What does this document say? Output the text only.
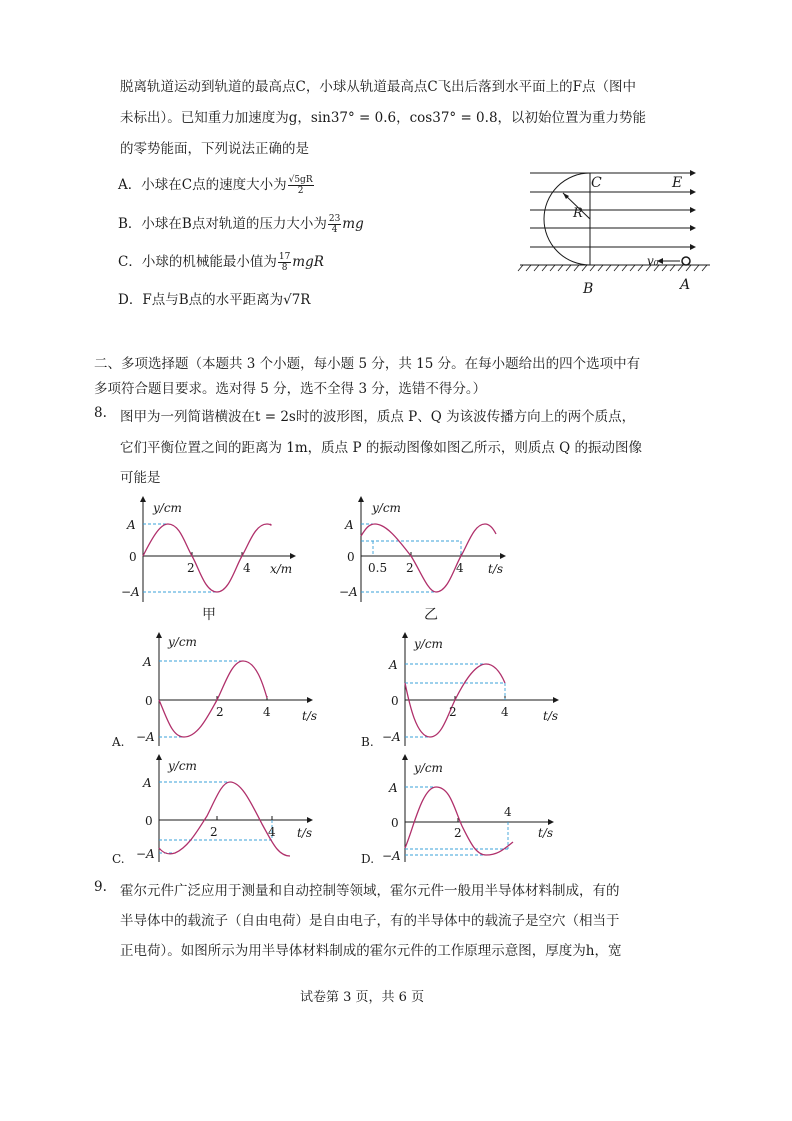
脱离轨道运动到轨道的最高点C，小球从轨道最高点C飞出后落到水平面上的F点（图中
未标出）。已知重力加速度为g，sin37° = 0.6，cos37° = 0.8，以初始位置为重力势能
的零势能面，下列说法正确的是
A．小球在C点的速度大小为 $\frac{√5gR}{2}$
B．小球在B点对轨道的压力大小为 $\frac{23}{4}$ mg
C．小球的机械能最小值为 $\frac{17}{8}$ mgR
D．F点与B点的水平距离为√7R
C	E
R
v₀
B	A
二、多项选择题（本题共 3 个小题，每小题 5 分，共 15 分。在每小题给出的四个选项中有
多项符合题目要求。选对得 5 分，选不全得 3 分，选错不得分。）
8. 图甲为一列简谐横波在t = 2s时的波形图，质点 P、Q 为该波传播方向上的两个质点，
它们平衡位置之间的距离为 1m，质点 P 的振动图像如图乙所示，则质点 Q 的振动图像
可能是
y/cm
A
0
−A
2	4 x/m
甲
y/cm
A
0
−A
0.5 2	4 t/s
乙
y/cm
A
0
−A
2	4	t/s
A.
y/cm
A
0
−A
2	4	t/s
B.
y/cm
A
0
−A
2	4 t/s
C.
y/cm
A
0
−A
2
4
t/s
D.
9. 霍尔元件广泛应用于测量和自动控制等领域，霍尔元件一般用半导体材料制成，有的
半导体中的载流子（自由电荷）是自由电子，有的半导体中的载流子是空穴（相当于
正电荷）。如图所示为用半导体材料制成的霍尔元件的工作原理示意图，厚度为h，宽
试卷第 3 页，共 6 页
